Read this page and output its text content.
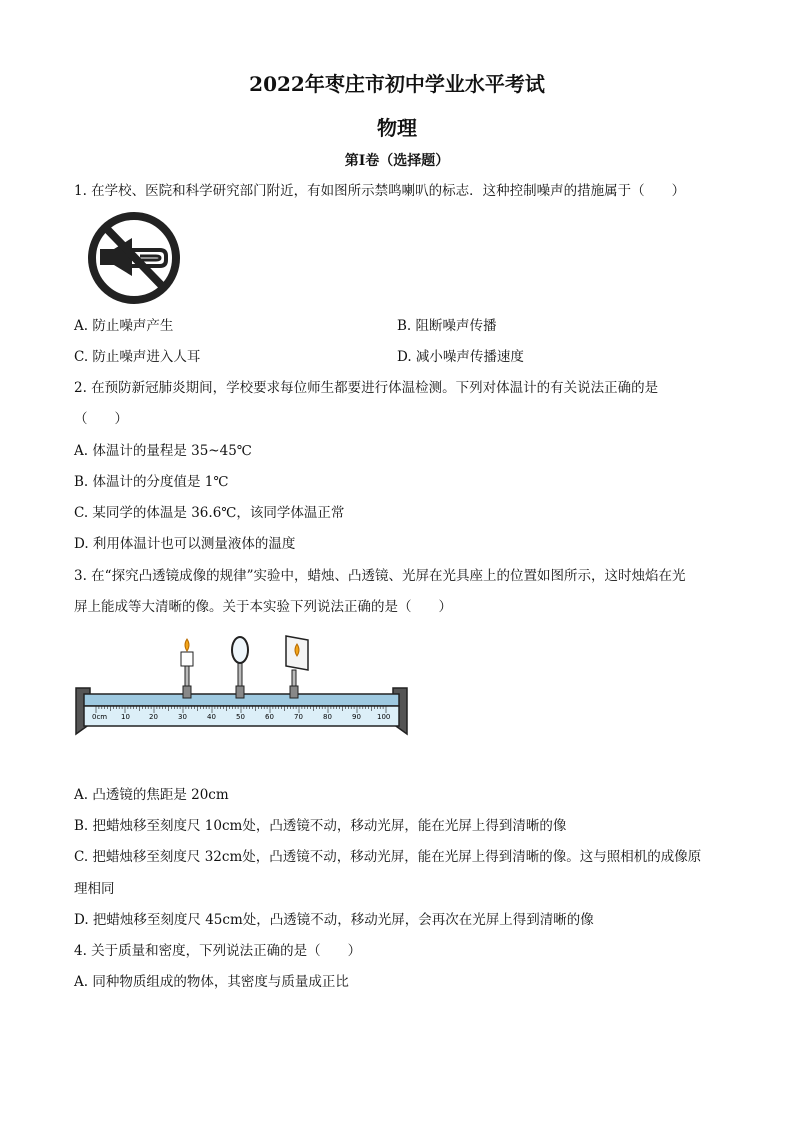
2022年枣庄市初中学业水平考试
物理
第I卷（选择题）
1. 在学校、医院和科学研究部门附近，有如图所示禁鸣喇叭的标志．这种控制噪声的措施属于（　　）
A. 防止噪声产生	B. 阻断噪声传播
C. 防止噪声进入人耳	D. 减小噪声传播速度
2. 在预防新冠肺炎期间，学校要求每位师生都要进行体温检测。下列对体温计的有关说法正确的是
（　　）
A. 体温计的量程是 35~45℃
B. 体温计的分度值是 1℃
C. 某同学的体温是 36.6℃，该同学体温正常
D. 利用体温计也可以测量液体的温度
3. 在“探究凸透镜成像的规律”实验中，蜡烛、凸透镜、光屏在光具座上的位置如图所示，这时烛焰在光
屏上能成等大清晰的像。关于本实验下列说法正确的是（　　）
0cm 10	20	30	40	50	60	70	80	90 100
A. 凸透镜的焦距是 20cm
B. 把蜡烛移至刻度尺 10cm处，凸透镜不动，移动光屏，能在光屏上得到清晰的像
C. 把蜡烛移至刻度尺 32cm处，凸透镜不动，移动光屏，能在光屏上得到清晰的像。这与照相机的成像原
理相同
D. 把蜡烛移至刻度尺 45cm处，凸透镜不动，移动光屏，会再次在光屏上得到清晰的像
4. 关于质量和密度，下列说法正确的是（　　）
A. 同种物质组成的物体，其密度与质量成正比
